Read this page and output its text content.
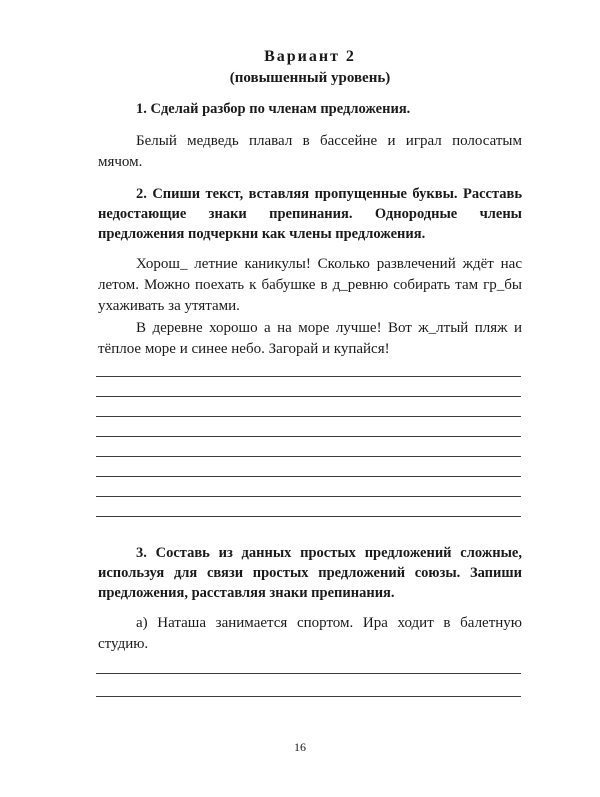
Вариант 2
(повышенный уровень)
1. Сделай разбор по членам предложения.
Белый медведь плавал в бассейне и играл полосатым мячом.
2. Спиши текст, вставляя пропущенные буквы. Расставь недостающие знаки препинания. Однородные члены предложения подчеркни как члены предложения.
Хорош_ летние каникулы! Сколько развлечений ждёт нас летом. Можно поехать к бабушке в д_ревню собирать там гр_бы ухаживать за утятами.
В деревне хорошо а на море лучше! Вот ж_лтый пляж и тёплое море и синее небо. Загорай и купайся!
3. Составь из данных простых предложений сложные, используя для связи простых предложений союзы. Запиши предложения, расставляя знаки препинания.
а) Наташа занимается спортом. Ира ходит в балетную студию.
16
